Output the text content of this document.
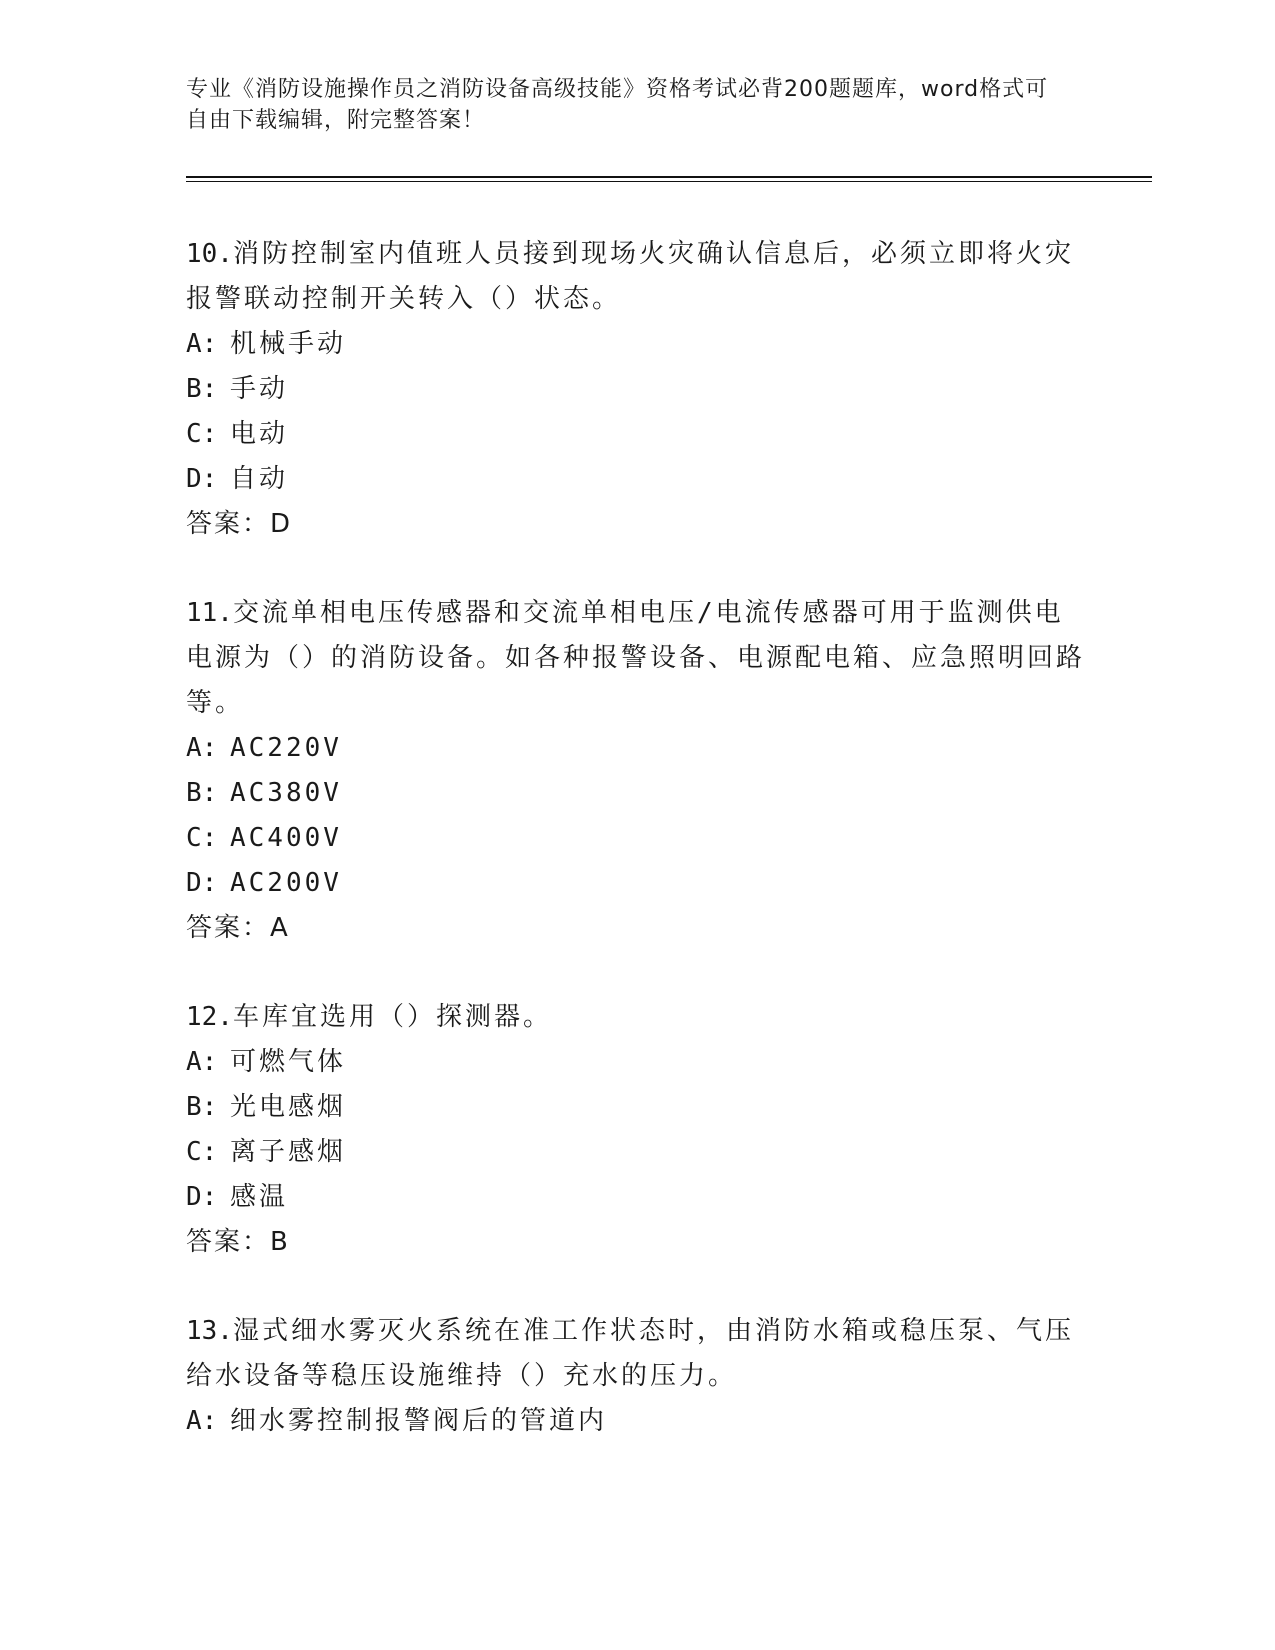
专业《消防设施操作员之消防设备高级技能》资格考试必背200题题库，word格式可自由下载编辑，附完整答案！

10.消防控制室内值班人员接到现场火灾确认信息后，必须立即将火灾报警联动控制开关转入（）状态。

A: 机械手动

B: 手动

C: 电动

D: 自动

答案：D

11.交流单相电压传感器和交流单相电压/电流传感器可用于监测供电电源为（）的消防设备。如各种报警设备、电源配电箱、应急照明回路等。

A: AC220V

B: AC380V

C: AC400V

D: AC200V

答案：A

12.车库宜选用（）探测器。

A: 可燃气体

B: 光电感烟

C: 离子感烟

D: 感温

答案：B

13.湿式细水雾灭火系统在准工作状态时，由消防水箱或稳压泵、气压给水设备等稳压设施维持（）充水的压力。

A: 细水雾控制报警阀后的管道内
